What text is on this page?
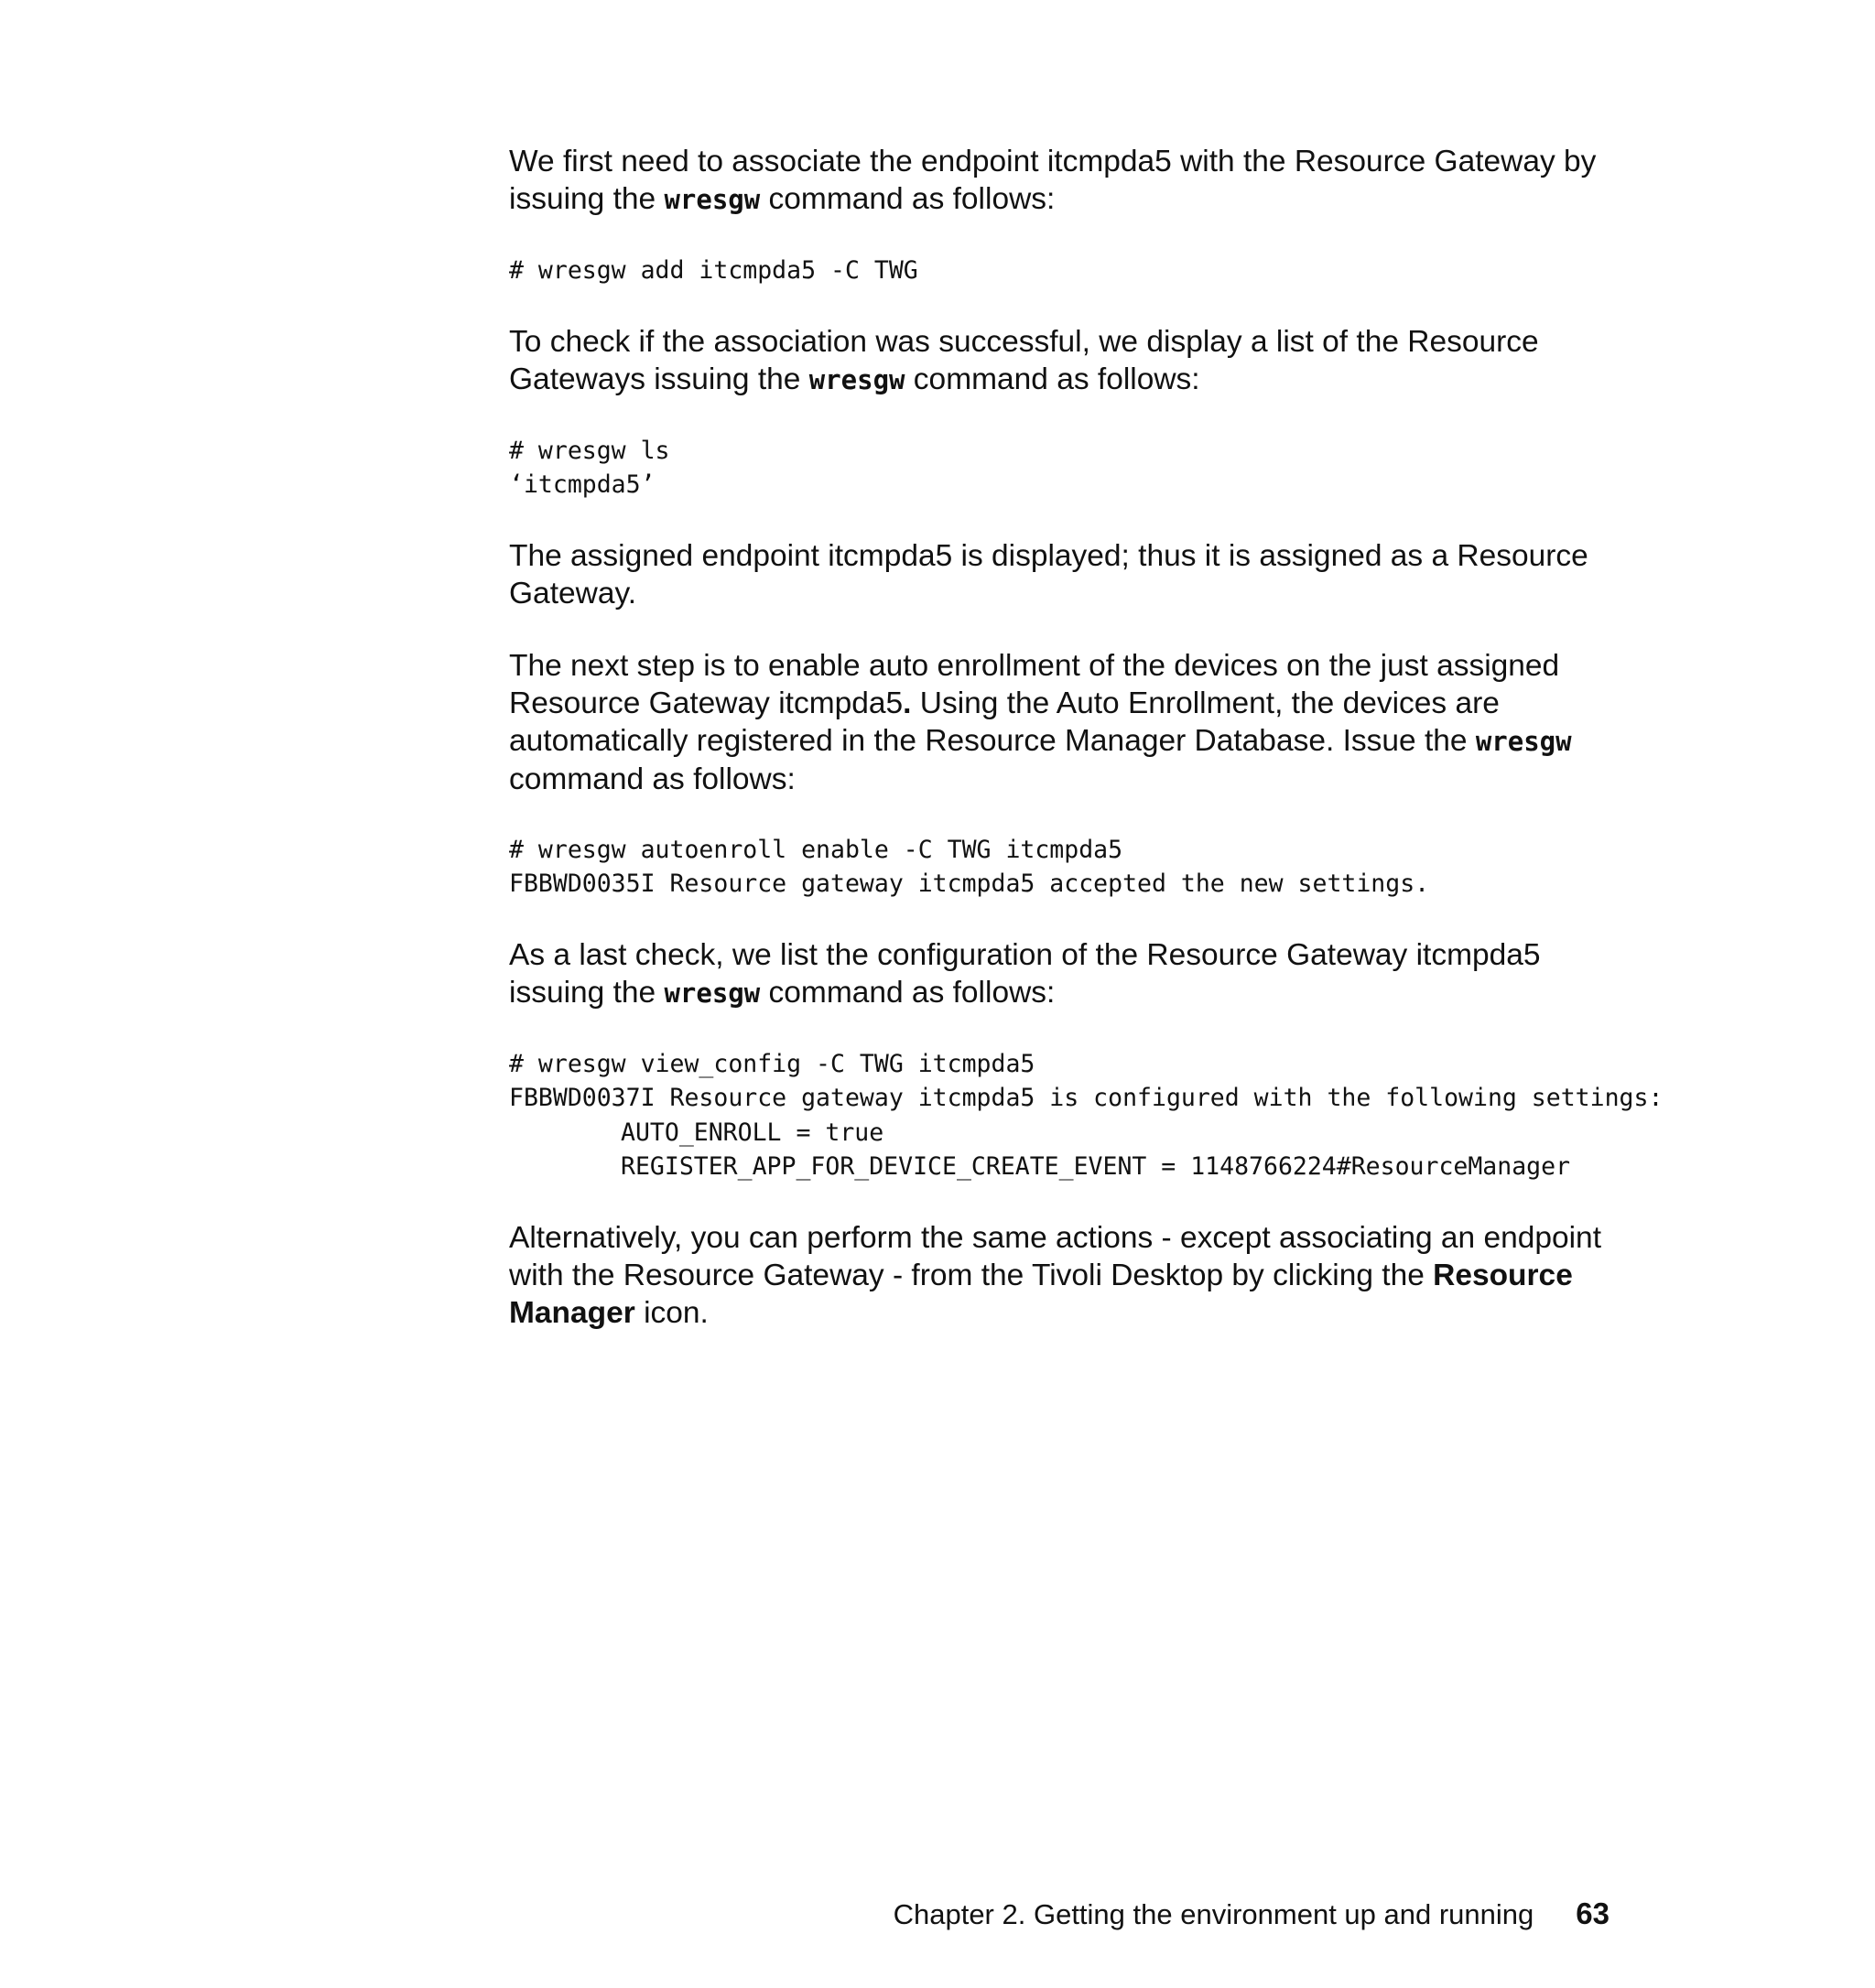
We first need to associate the endpoint itcmpda5 with the Resource Gateway by issuing the wresgw command as follows:

# wresgw add itcmpda5 -C TWG

To check if the association was successful, we display a list of the Resource Gateways issuing the wresgw command as follows:

# wresgw ls
‘itcmpda5’

The assigned endpoint itcmpda5 is displayed; thus it is assigned as a Resource Gateway.

The next step is to enable auto enrollment of the devices on the just assigned Resource Gateway itcmpda5. Using the Auto Enrollment, the devices are automatically registered in the Resource Manager Database. Issue the wresgw command as follows:

# wresgw autoenroll enable -C TWG itcmpda5
FBBWD0035I Resource gateway itcmpda5 accepted the new settings.

As a last check, we list the configuration of the Resource Gateway itcmpda5 issuing the wresgw command as follows:

# wresgw view_config -C TWG itcmpda5
FBBWD0037I Resource gateway itcmpda5 is configured with the following settings:
AUTO_ENROLL = true
REGISTER_APP_FOR_DEVICE_CREATE_EVENT = 1148766224#ResourceManager

Alternatively, you can perform the same actions - except associating an endpoint with the Resource Gateway - from the Tivoli Desktop by clicking the Resource Manager icon.

Chapter 2. Getting the environment up and running 63
